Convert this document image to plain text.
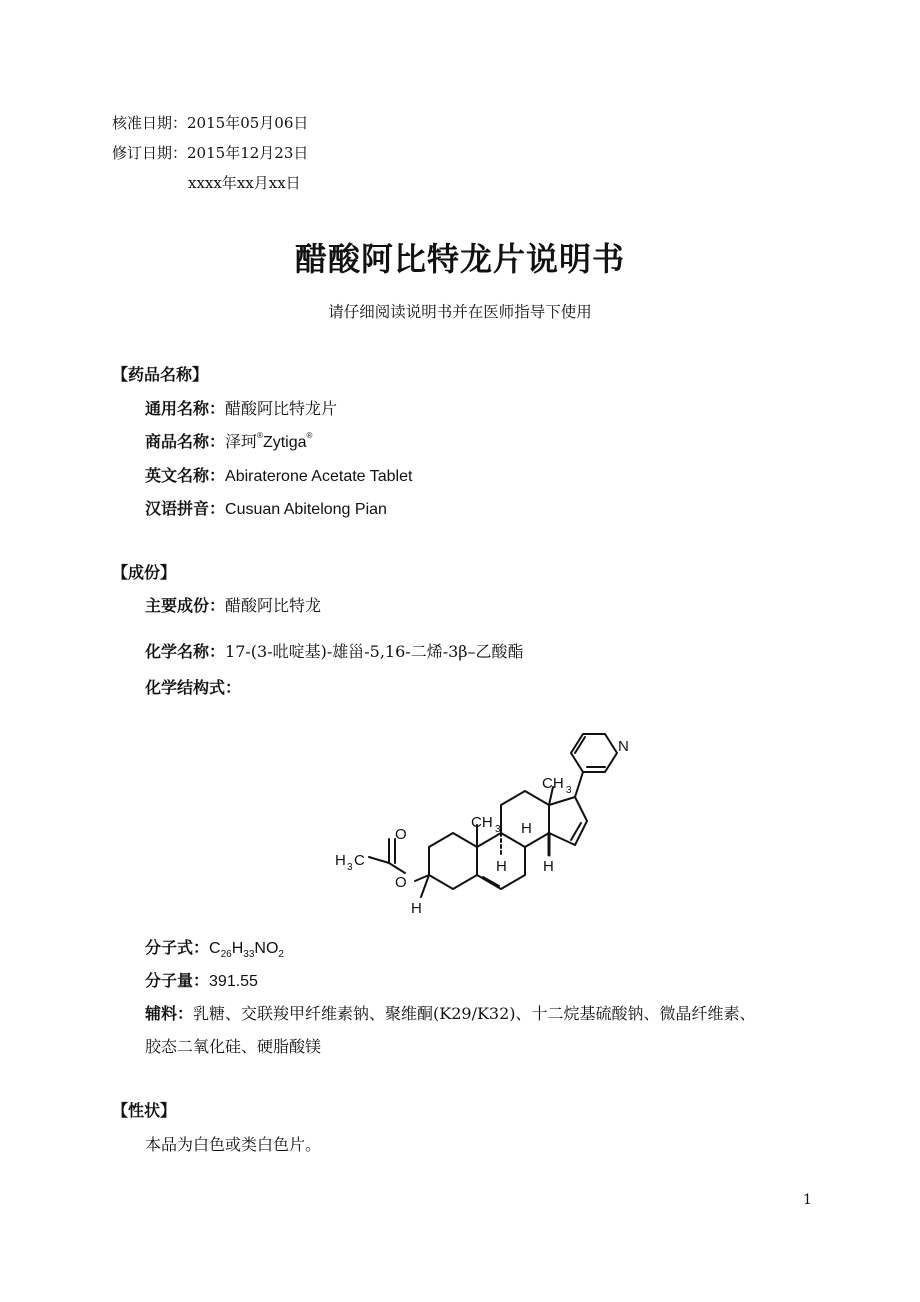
核准日期：2015年05月06日
修订日期：2015年12月23日
xxxx年xx月xx日
醋酸阿比特龙片说明书
请仔细阅读说明书并在医师指导下使用
【药品名称】
通用名称：醋酸阿比特龙片
商品名称：泽珂®Zytiga®
英文名称：Abiraterone Acetate Tablet
汉语拼音：Cusuan Abitelong Pian
【成份】
主要成份：醋酸阿比特龙
化学名称：17-(3-吡啶基)-雄甾-5,16-二烯-3β–乙酸酯
化学结构式：
N
CH 3
CH 3 H
H H
H
O
O
H 3 C
分子式：$C_{26}H_{33}NO_2$
分子量：391.55
辅料：乳糖、交联羧甲纤维素钠、聚维酮(K29/K32)、十二烷基硫酸钠、微晶纤维素、
胶态二氧化硅、硬脂酸镁
【性状】
本品为白色或类白色片。
1
